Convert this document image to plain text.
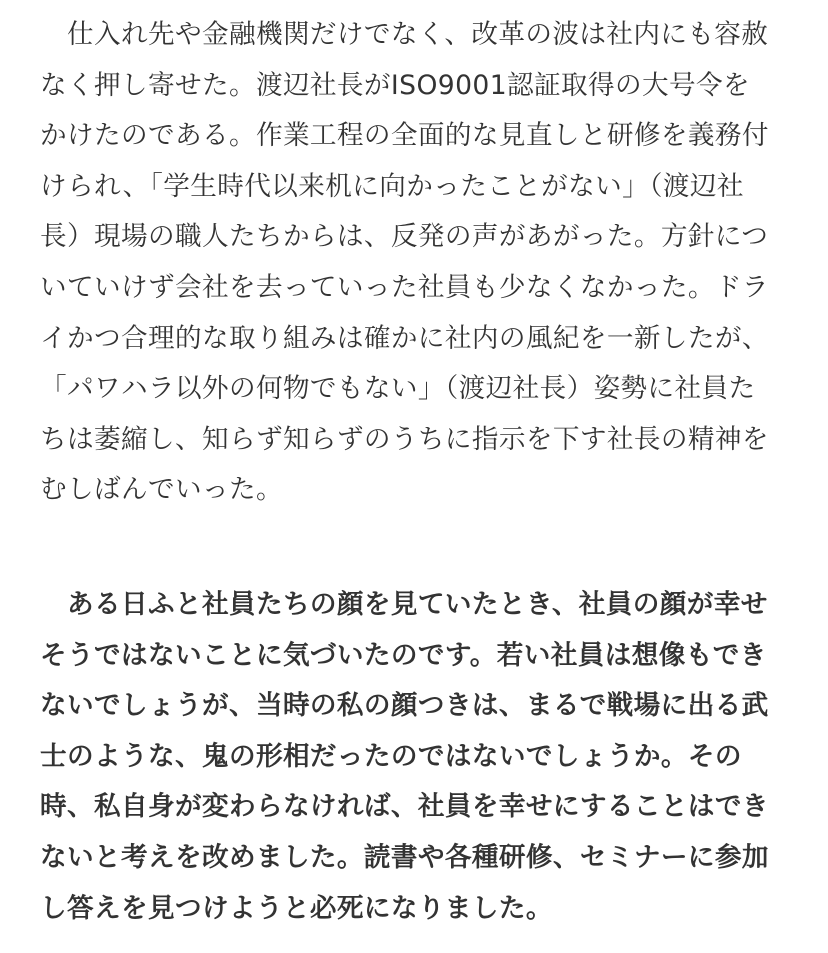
　仕入れ先や金融機関だけでなく、改革の波は社内にも容赦なく押し寄せた。渡辺社長がISO9001認証取得の大号令をかけたのである。作業工程の全面的な見直しと研修を義務付けられ、「学生時代以来机に向かったことがない」（渡辺社長）現場の職人たちからは、反発の声があがった。方針についていけず会社を去っていった社員も少なくなかった。ドライかつ合理的な取り組みは確かに社内の風紀を一新したが、「パワハラ以外の何物でもない」（渡辺社長）姿勢に社員たちは萎縮し、知らず知らずのうちに指示を下す社長の精神をむしばんでいった。

　ある日ふと社員たちの顔を見ていたとき、社員の顔が幸せそうではないことに気づいたのです。若い社員は想像もできないでしょうが、当時の私の顔つきは、まるで戦場に出る武士のような、鬼の形相だったのではないでしょうか。その時、私自身が変わらなければ、社員を幸せにすることはできないと考えを改めました。読書や各種研修、セミナーに参加し答えを見つけようと必死になりました。
